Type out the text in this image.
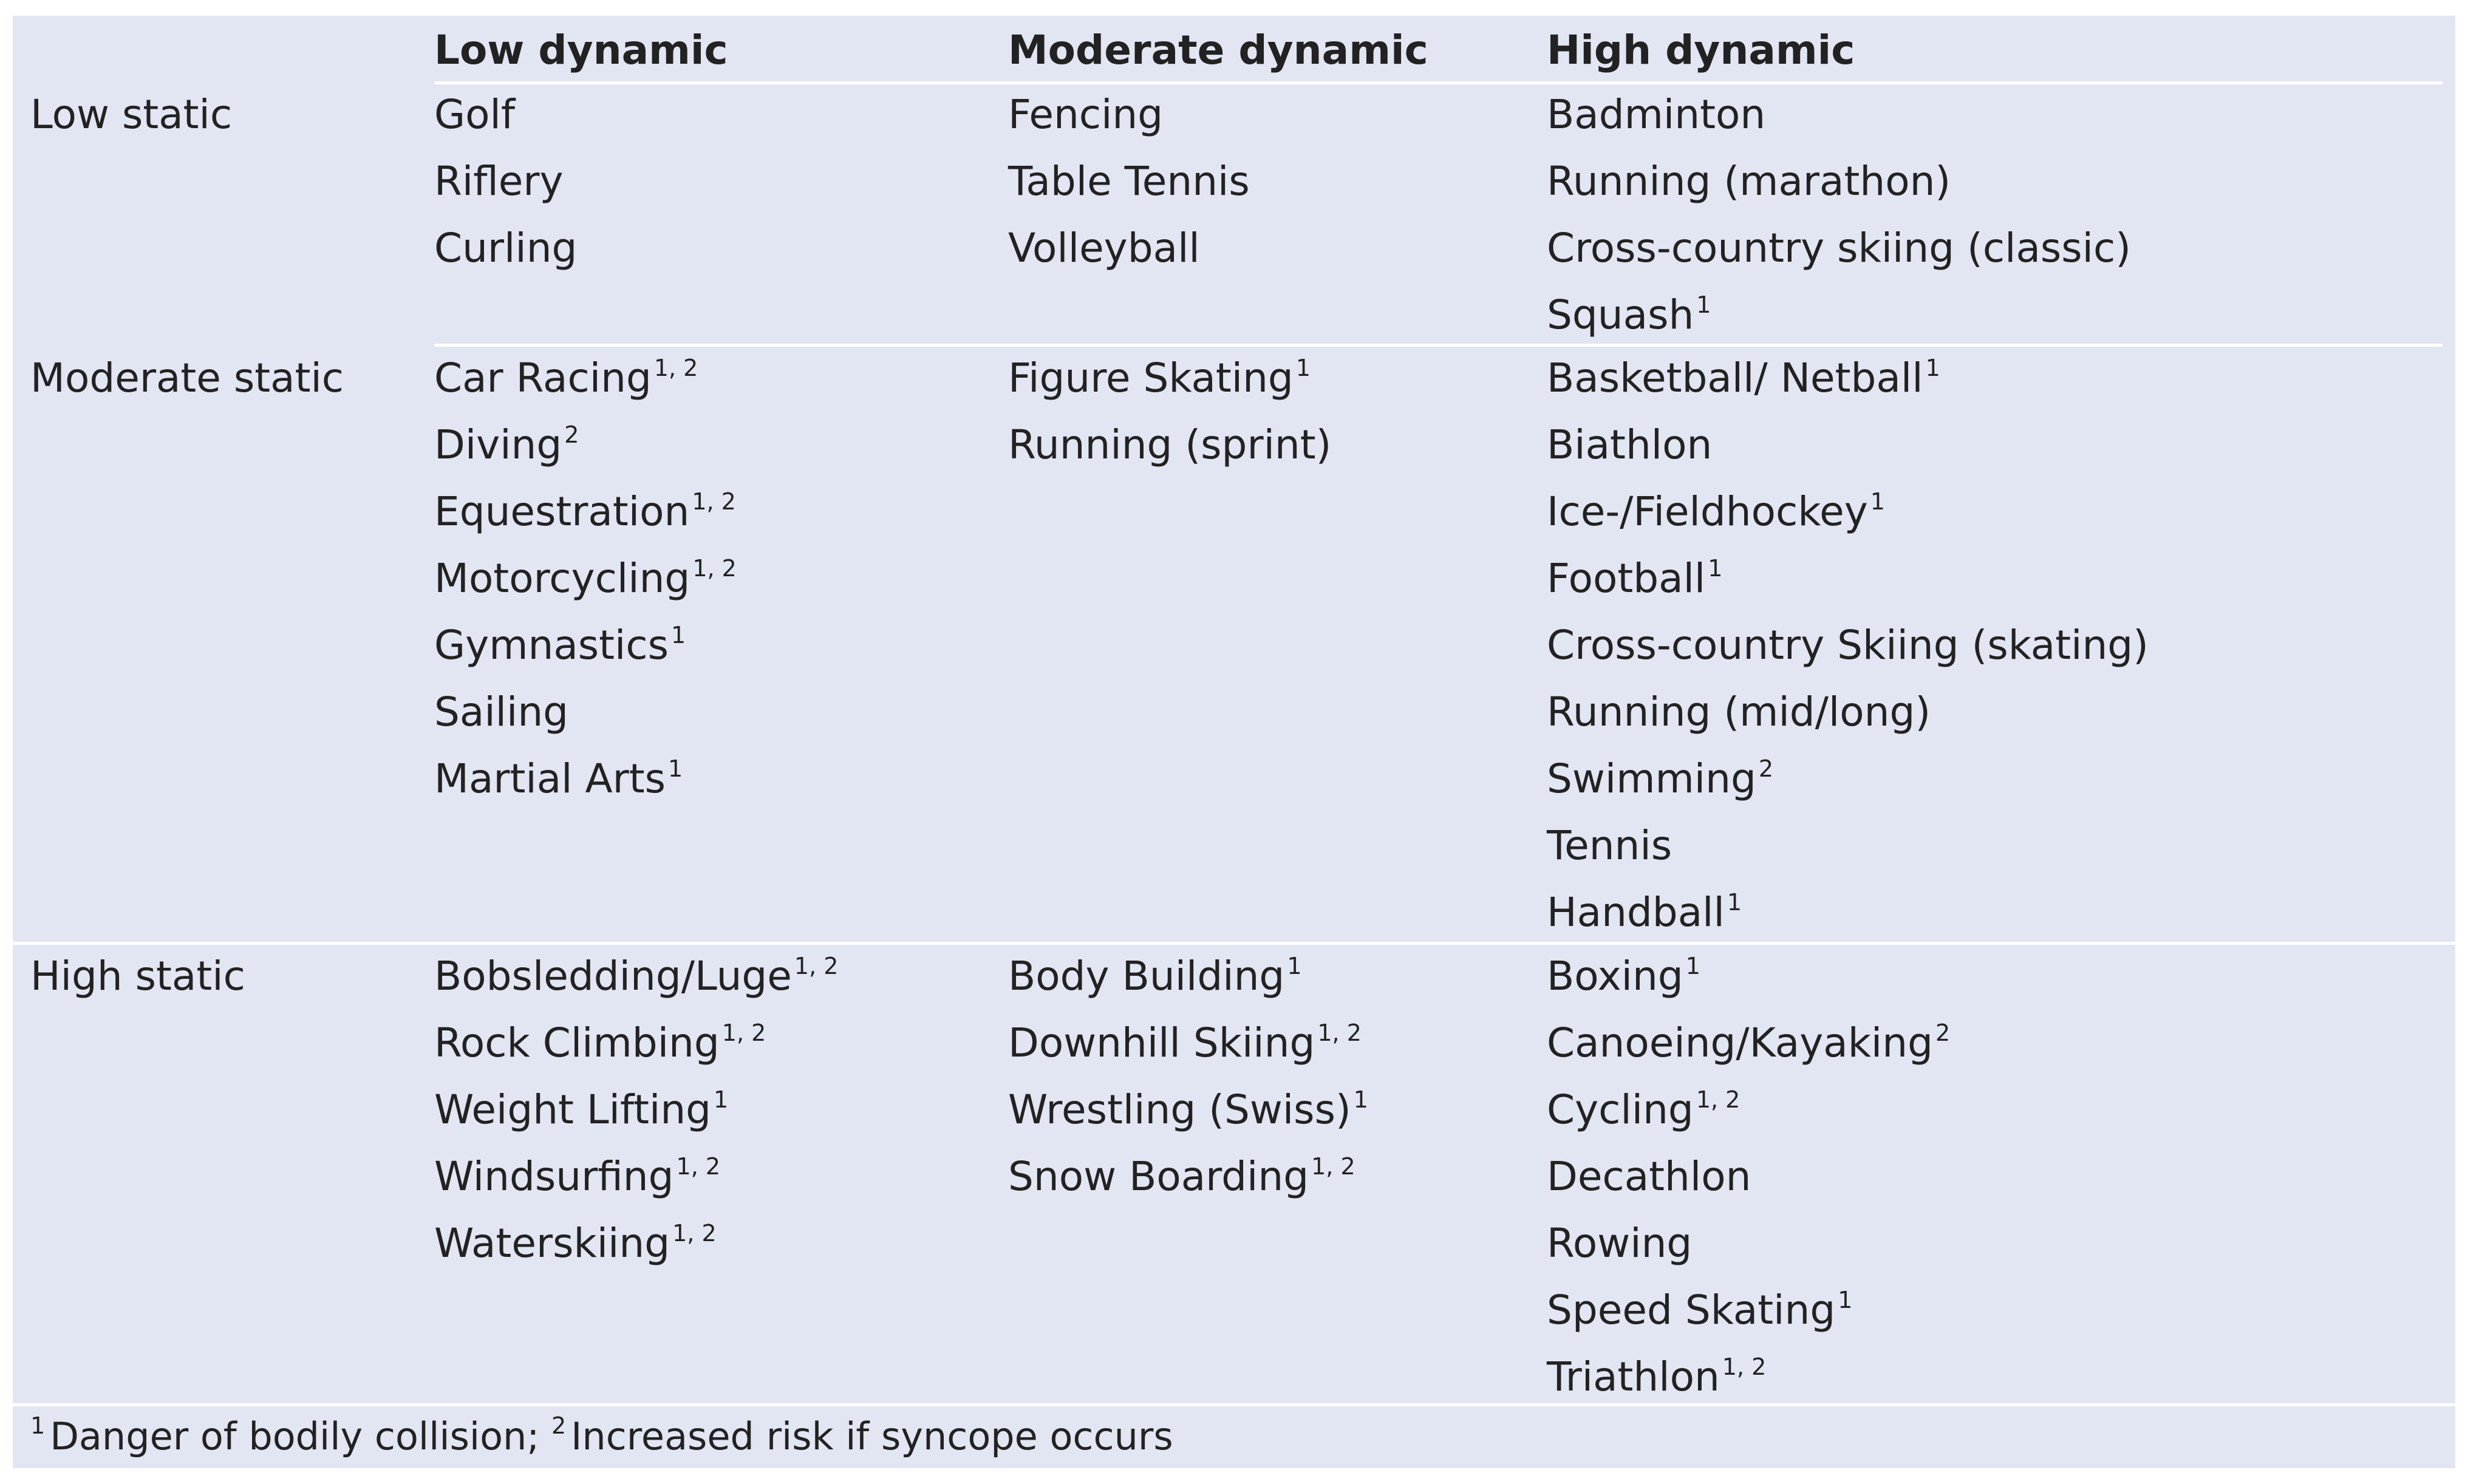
Low dynamic	Moderate dynamic	High dynamic
Low static
Moderate static
High static
Golf
Riflery
Curling
Fencing
Table Tennis
Volleyball
Badminton
Running (marathon)
Cross-country skiing (classic)
Squash $^1$
Car Racing $^{1, 2}$
Diving $^2$
Equestration $^{1, 2}$
Motorcycling $^{1, 2}$
Gymnastics $^1$
Sailing
Martial Arts $^1$
Figure Skating $^1$
Running (sprint)
Basketball/ Netball $^1$
Biathlon
Ice-/Fieldhockey $^1$
Football $^1$
Cross-country Skiing (skating)
Running (mid/long)
Swimming $^2$
Tennis
Handball $^1$
Bobsledding/Luge $^{1, 2}$
Rock Climbing $^{1, 2}$
Weight Lifting $^1$
Windsurfing $^{1, 2}$
Waterskiing $^{1, 2}$
Body Building $^1$
Downhill Skiing $^{1, 2}$
Wrestling (Swiss) $^1$
Snow Boarding $^{1, 2}$
Boxing $^1$
Canoeing/Kayaking $^2$
Cycling $^{1, 2}$
Decathlon
Rowing
Speed Skating $^1$
Triathlon $^{1, 2}$
$^1$ Danger of bodily collision; $^2$ Increased risk if syncope occurs
